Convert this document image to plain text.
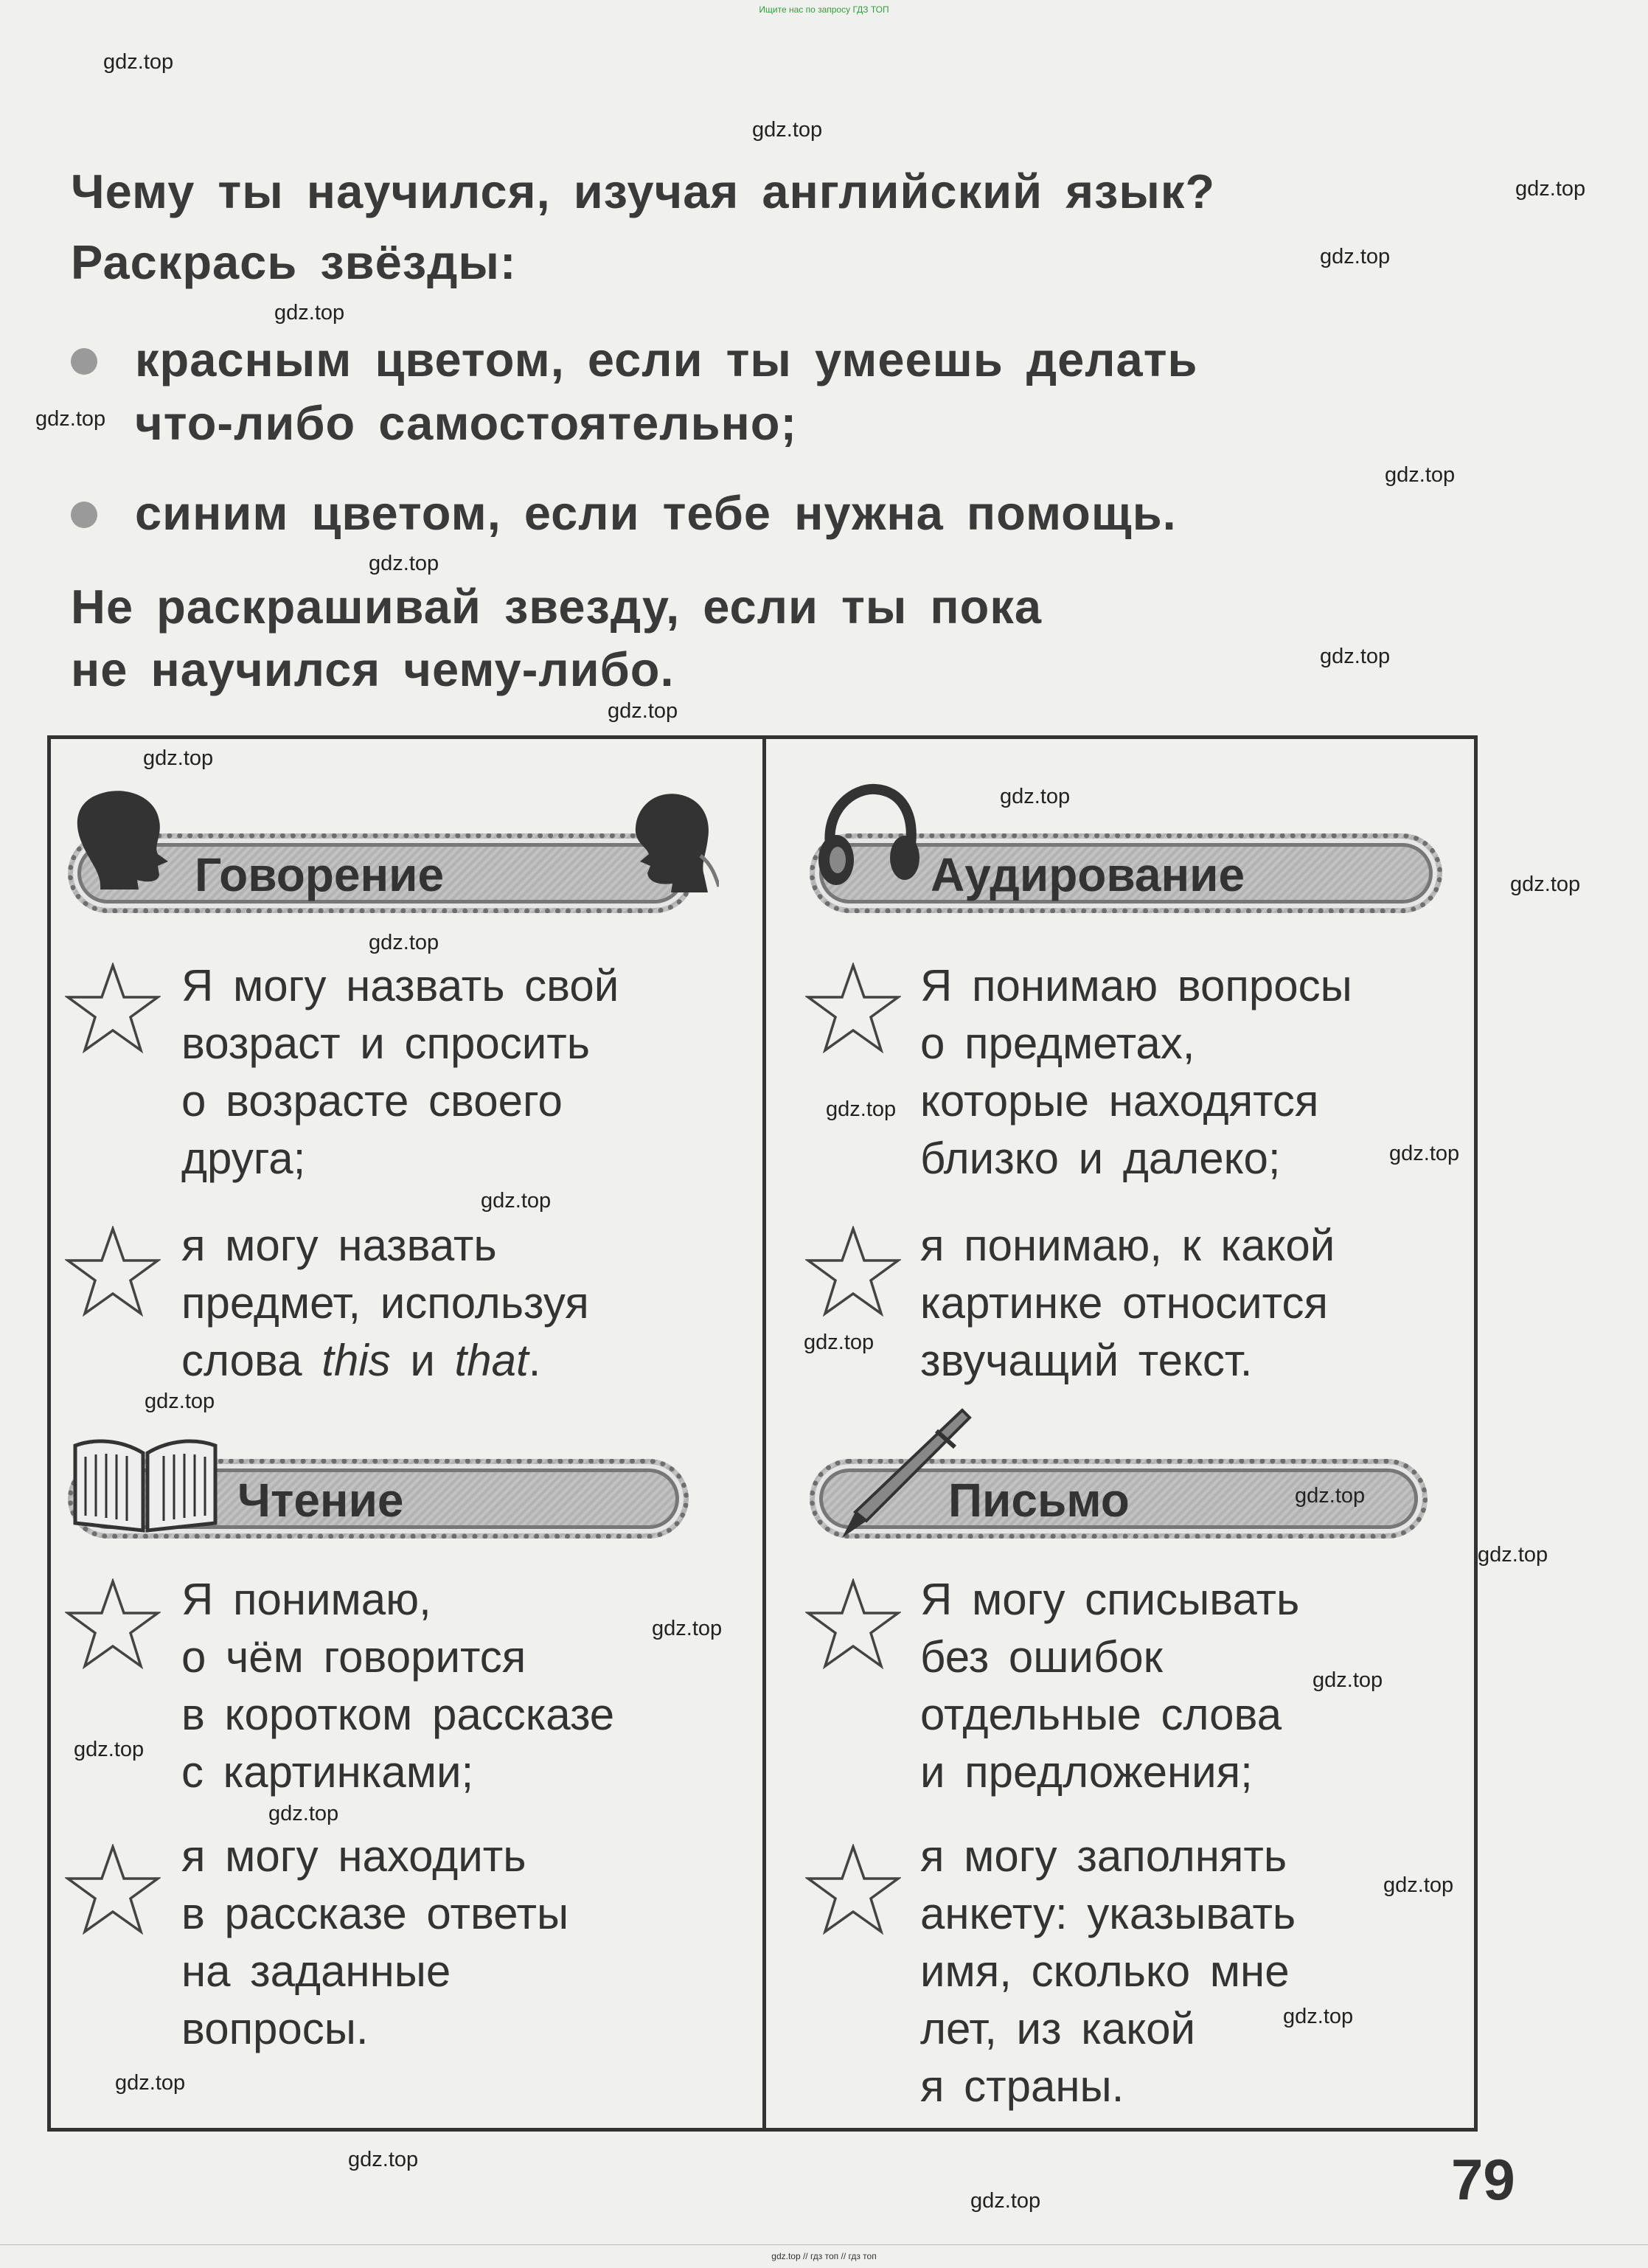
Ищите нас по запросу ГДЗ ТОП
gdz.top // гдз топ // гдз топ
Чему ты научился, изучая английский язык?
Раскрась звёзды:
красным цветом, если ты умеешь делать
что-либо самостоятельно;
синим цветом, если тебе нужна помощь.
Не раскрашивай звезду, если ты пока
не научился чему-либо.
Говорение
Я могу назвать свой
возраст и спросить
о возрасте своего
друга;
я могу назвать
предмет, используя
слова this и that.
Аудирование
Я понимаю вопросы
о предметах,
которые находятся
близко и далеко;
я понимаю, к какой
картинке относится
звучащий текст.
Чтение
Я понимаю,
о чём говорится
в коротком рассказе
с картинками;
я могу находить
в рассказе ответы
на заданные
вопросы.
Письмо
Я могу списывать
без ошибок
отдельные слова
и предложения;
я могу заполнять
анкету: указывать
имя, сколько мне
лет, из какой
я страны.
79
gdz.top
gdz.top
gdz.top
gdz.top
gdz.top
gdz.top
gdz.top
gdz.top
gdz.top
gdz.top
gdz.top
gdz.top
gdz.top
gdz.top
gdz.top
gdz.top
gdz.top
gdz.top
gdz.top
gdz.top
gdz.top
gdz.top
gdz.top
gdz.top
gdz.top
gdz.top
gdz.top
gdz.top
gdz.top
gdz.top
